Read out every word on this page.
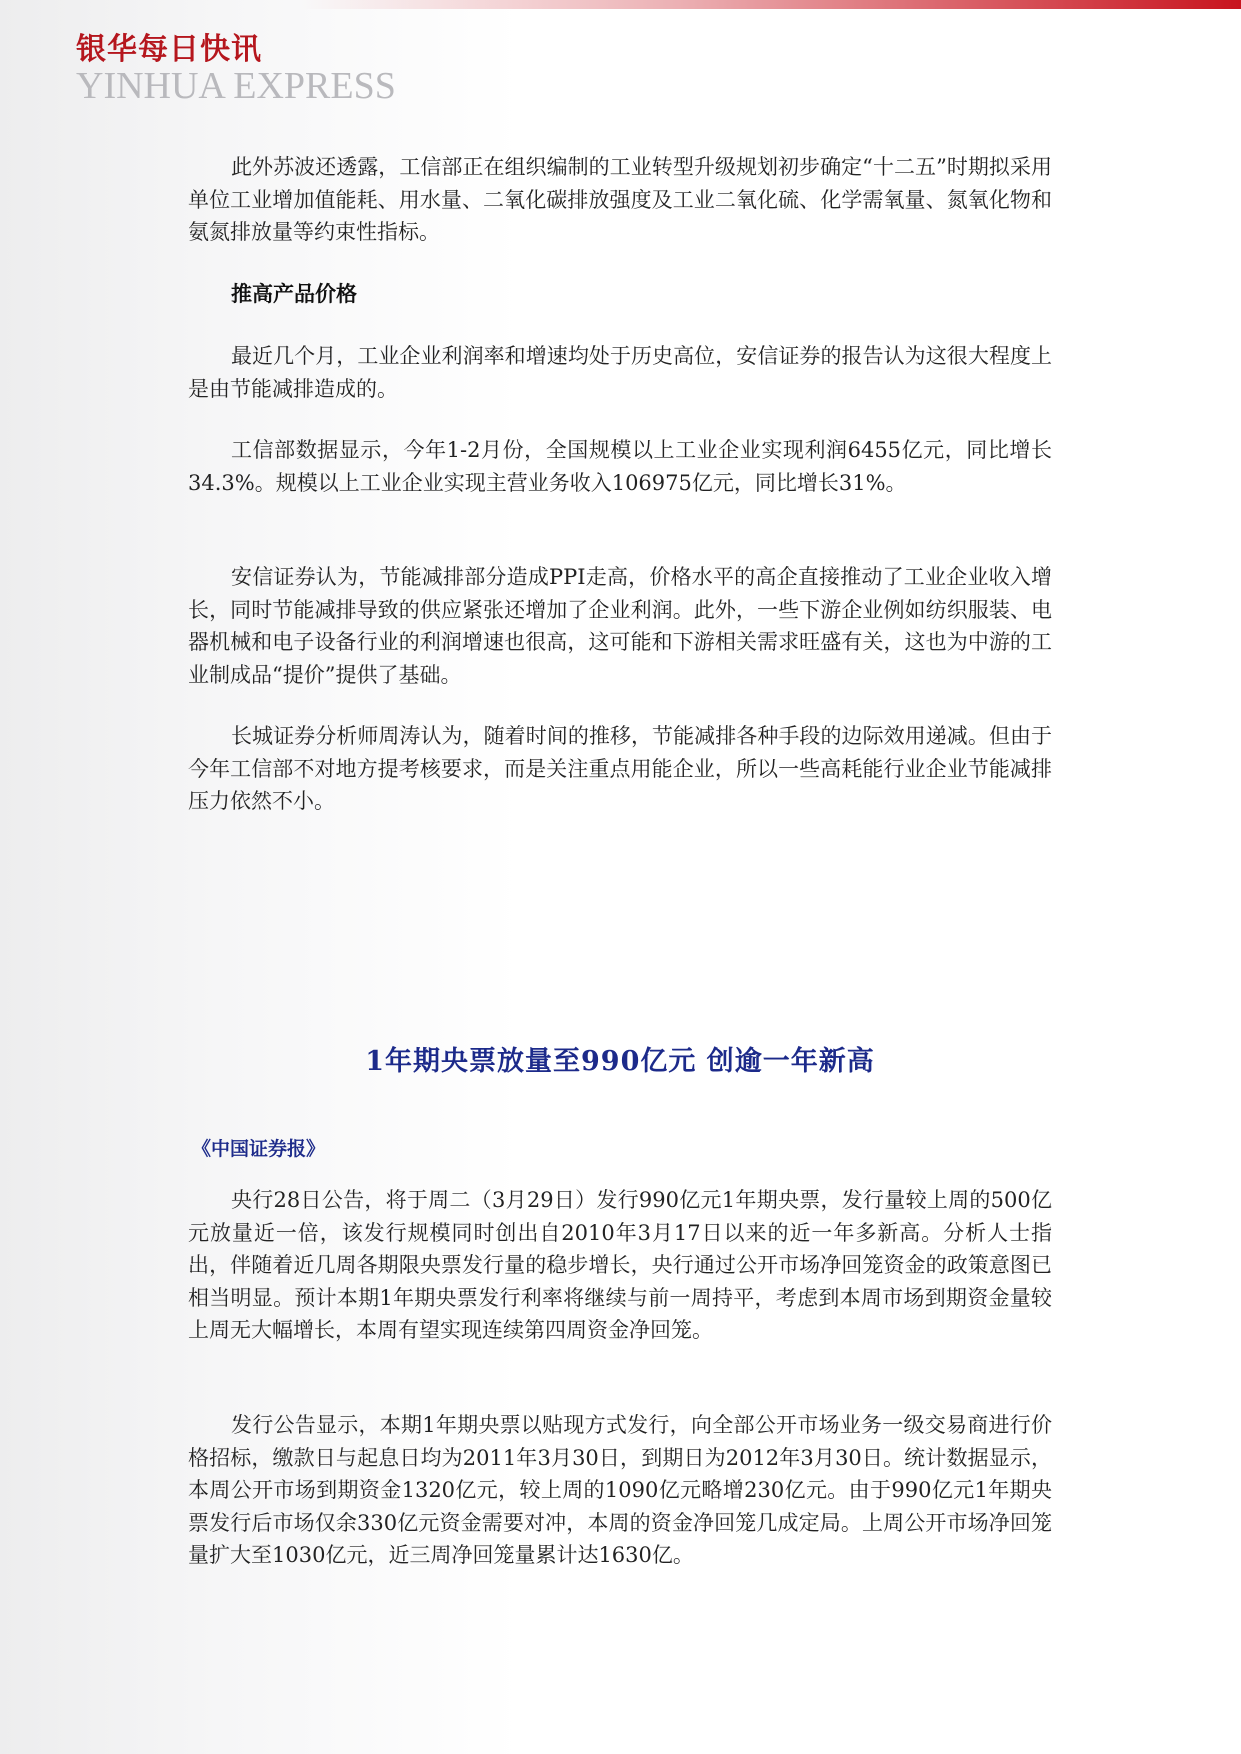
银华每日快讯
YINHUA EXPRESS

此外苏波还透露，工信部正在组织编制的工业转型升级规划初步确定“十二五”时期拟采用单位工业增加值能耗、用水量、二氧化碳排放强度及工业二氧化硫、化学需氧量、氮氧化物和氨氮排放量等约束性指标。

推高产品价格

最近几个月，工业企业利润率和增速均处于历史高位，安信证券的报告认为这很大程度上是由节能减排造成的。

工信部数据显示，今年1-2月份，全国规模以上工业企业实现利润6455亿元，同比增长34.3%。规模以上工业企业实现主营业务收入106975亿元，同比增长31%。

安信证券认为，节能减排部分造成PPI走高，价格水平的高企直接推动了工业企业收入增长，同时节能减排导致的供应紧张还增加了企业利润。此外，一些下游企业例如纺织服装、电器机械和电子设备行业的利润增速也很高，这可能和下游相关需求旺盛有关，这也为中游的工业制成品“提价”提供了基础。

长城证券分析师周涛认为，随着时间的推移，节能减排各种手段的边际效用递减。但由于今年工信部不对地方提考核要求，而是关注重点用能企业，所以一些高耗能行业企业节能减排压力依然不小。

1年期央票放量至990亿元 创逾一年新高
《中国证券报》

央行28日公告，将于周二（3月29日）发行990亿元1年期央票，发行量较上周的500亿元放量近一倍，该发行规模同时创出自2010年3月17日以来的近一年多新高。分析人士指出，伴随着近几周各期限央票发行量的稳步增长，央行通过公开市场净回笼资金的政策意图已相当明显。预计本期1年期央票发行利率将继续与前一周持平，考虑到本周市场到期资金量较上周无大幅增长，本周有望实现连续第四周资金净回笼。

发行公告显示，本期1年期央票以贴现方式发行，向全部公开市场业务一级交易商进行价格招标，缴款日与起息日均为2011年3月30日，到期日为2012年3月30日。统计数据显示，本周公开市场到期资金1320亿元，较上周的1090亿元略增230亿元。由于990亿元1年期央票发行后市场仅余330亿元资金需要对冲，本周的资金净回笼几成定局。上周公开市场净回笼量扩大至1030亿元，近三周净回笼量累计达1630亿。
